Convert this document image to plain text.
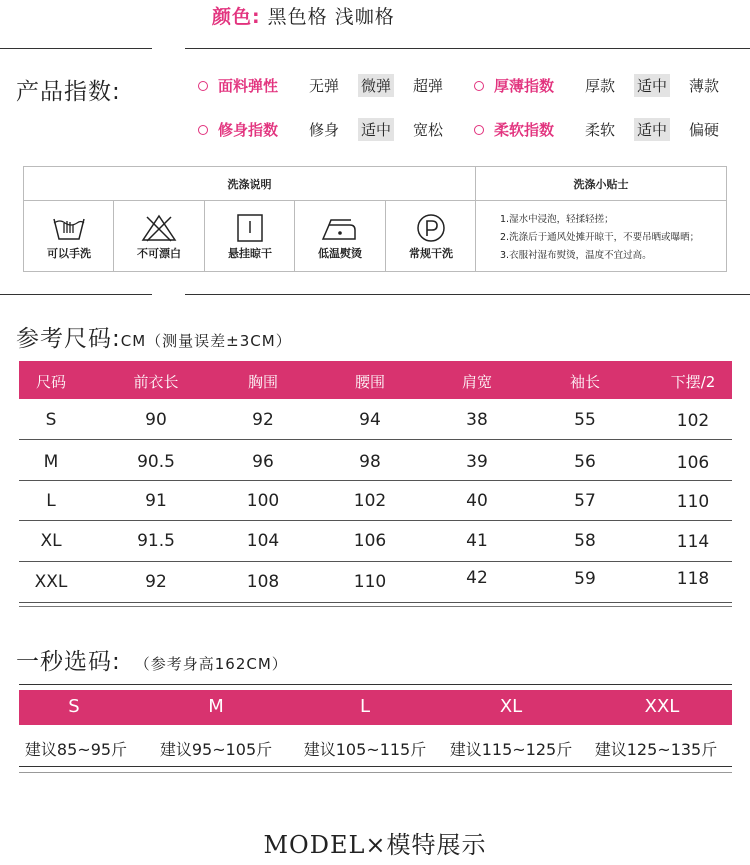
颜色: 黑色格 浅咖格
产品指数:	面料弹性	无弹 微弹 超弹	厚薄指数	厚款 适中 薄款
修身指数	修身 适中 宽松	柔软指数	柔软 适中 偏硬
洗涤说明	洗涤小贴士
可以手洗	不可漂白	悬挂晾干	低温熨烫	常规干洗
1.湿水中浸泡，轻揉轻搓；
2.洗涤后于通风处摊开晾干，不要吊晒或曝晒；
3.衣服衬湿布熨烫，温度不宜过高。
参考尺码:CM（测量误差±3CM）
尺码	前衣长	胸围	腰围	肩宽	袖长	下摆/2
S	90	92	94	38	55	102
M	90.5	96	98	39	56	106
L	91	100	102	40	57	110
XL	91.5	104	106	41	58	114
XXL	92	108	110	42	59	118
一秒选码: （参考身高162CM）
S	M	L	XL	XXL
建议85~95斤 建议95~105斤 建议105~115斤 建议115~125斤 建议125~135斤
MODEL×模特展示
